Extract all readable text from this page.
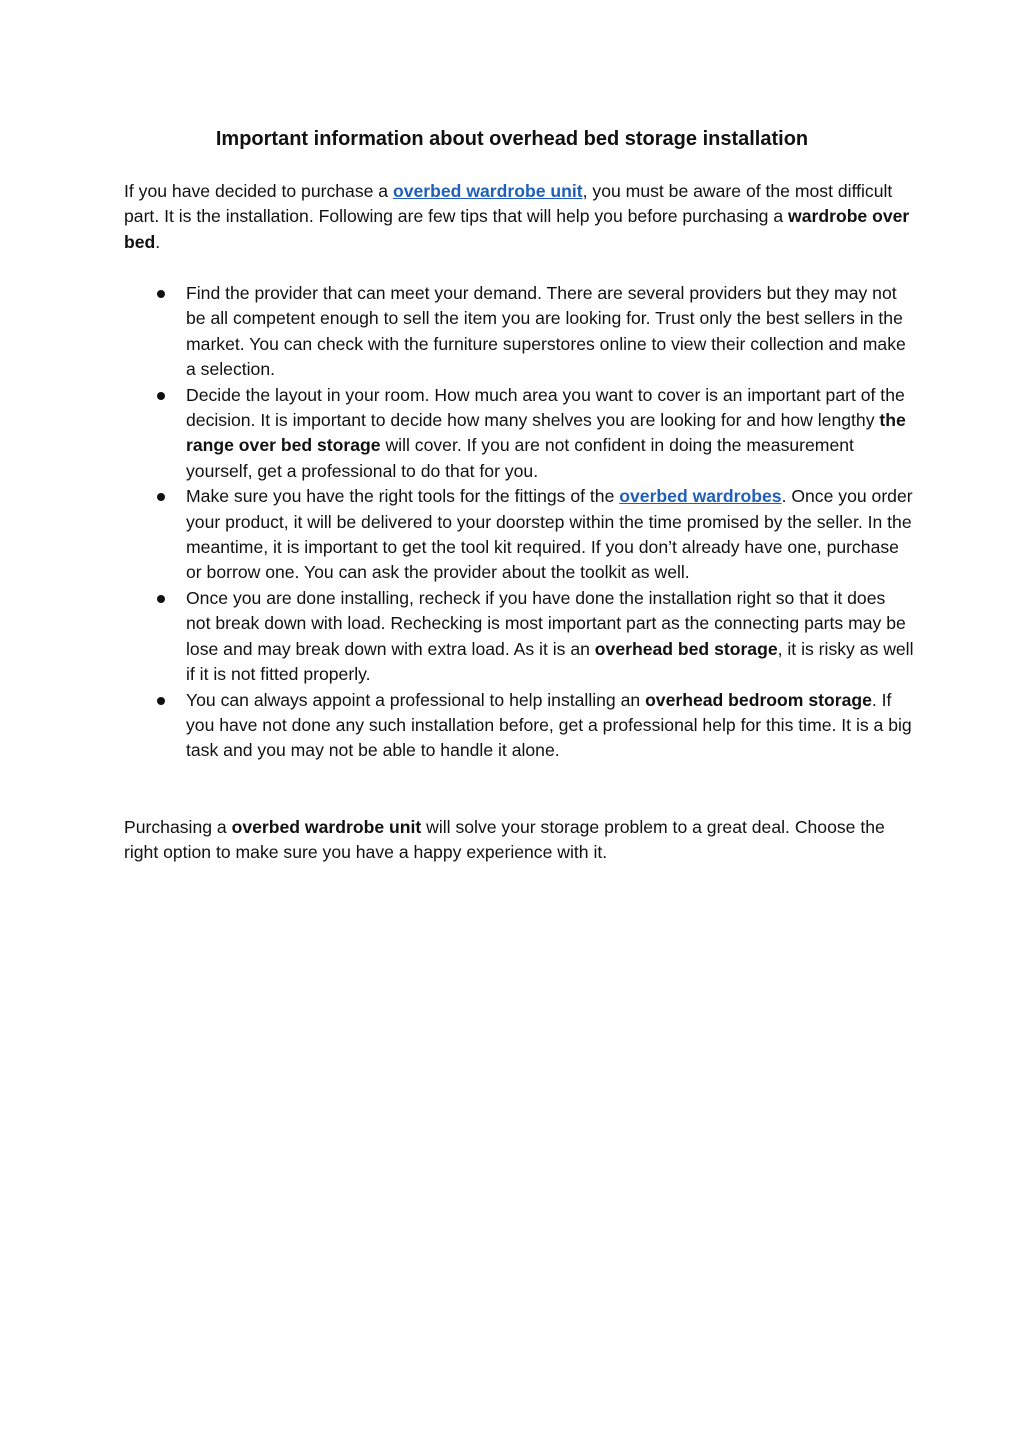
Important information about overhead bed storage installation

If you have decided to purchase a overbed wardrobe unit, you must be aware of the most difficult part. It is the installation. Following are few tips that will help you before purchasing a wardrobe over bed.

Find the provider that can meet your demand. There are several providers but they may not be all competent enough to sell the item you are looking for. Trust only the best sellers in the market. You can check with the furniture superstores online to view their collection and make a selection.
Decide the layout in your room. How much area you want to cover is an important part of the decision. It is important to decide how many shelves you are looking for and how lengthy the range over bed storage will cover. If you are not confident in doing the measurement yourself, get a professional to do that for you.
Make sure you have the right tools for the fittings of the overbed wardrobes. Once you order your product, it will be delivered to your doorstep within the time promised by the seller. In the meantime, it is important to get the tool kit required. If you don’t already have one, purchase or borrow one. You can ask the provider about the toolkit as well.
Once you are done installing, recheck if you have done the installation right so that it does not break down with load. Rechecking is most important part as the connecting parts may be lose and may break down with extra load. As it is an overhead bed storage, it is risky as well if it is not fitted properly.
You can always appoint a professional to help installing an overhead bedroom storage. If you have not done any such installation before, get a professional help for this time. It is a big task and you may not be able to handle it alone.

Purchasing a overbed wardrobe unit will solve your storage problem to a great deal. Choose the right option to make sure you have a happy experience with it.
